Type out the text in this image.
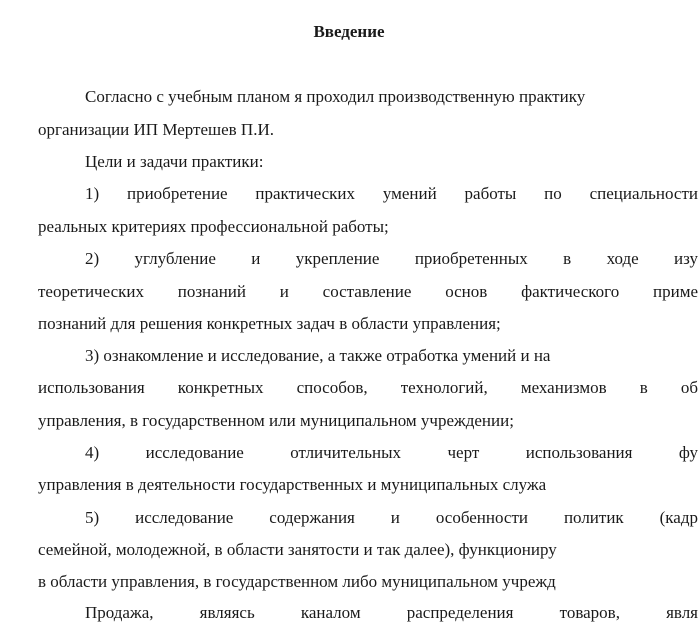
Введение
Согласно с учебным планом я проходил производственную практику
организации ИП Мертешев П.И.
Цели и задачи практики:
1) приобретение практических умений работы по специальности
реальных критериях профессиональной работы;
2) углубление и укрепление приобретенных в ходе изу
теоретических познаний и составление основ фактического приме
познаний для решения конкретных задач в области управления;
3) ознакомление и исследование, а также отработка умений и на
использования конкретных способов, технологий, механизмов в об
управления, в государственном или муниципальном учреждении;
4) исследование отличительных черт использования фу
управления в деятельности государственных и муниципальных служа
5) исследование содержания и особенности политик (кадр
семейной, молодежной, в области занятости и так далее), функциониру
в области управления, в государственном либо муниципальном учрежд
Продажа, являясь каналом распределения товаров, явля
